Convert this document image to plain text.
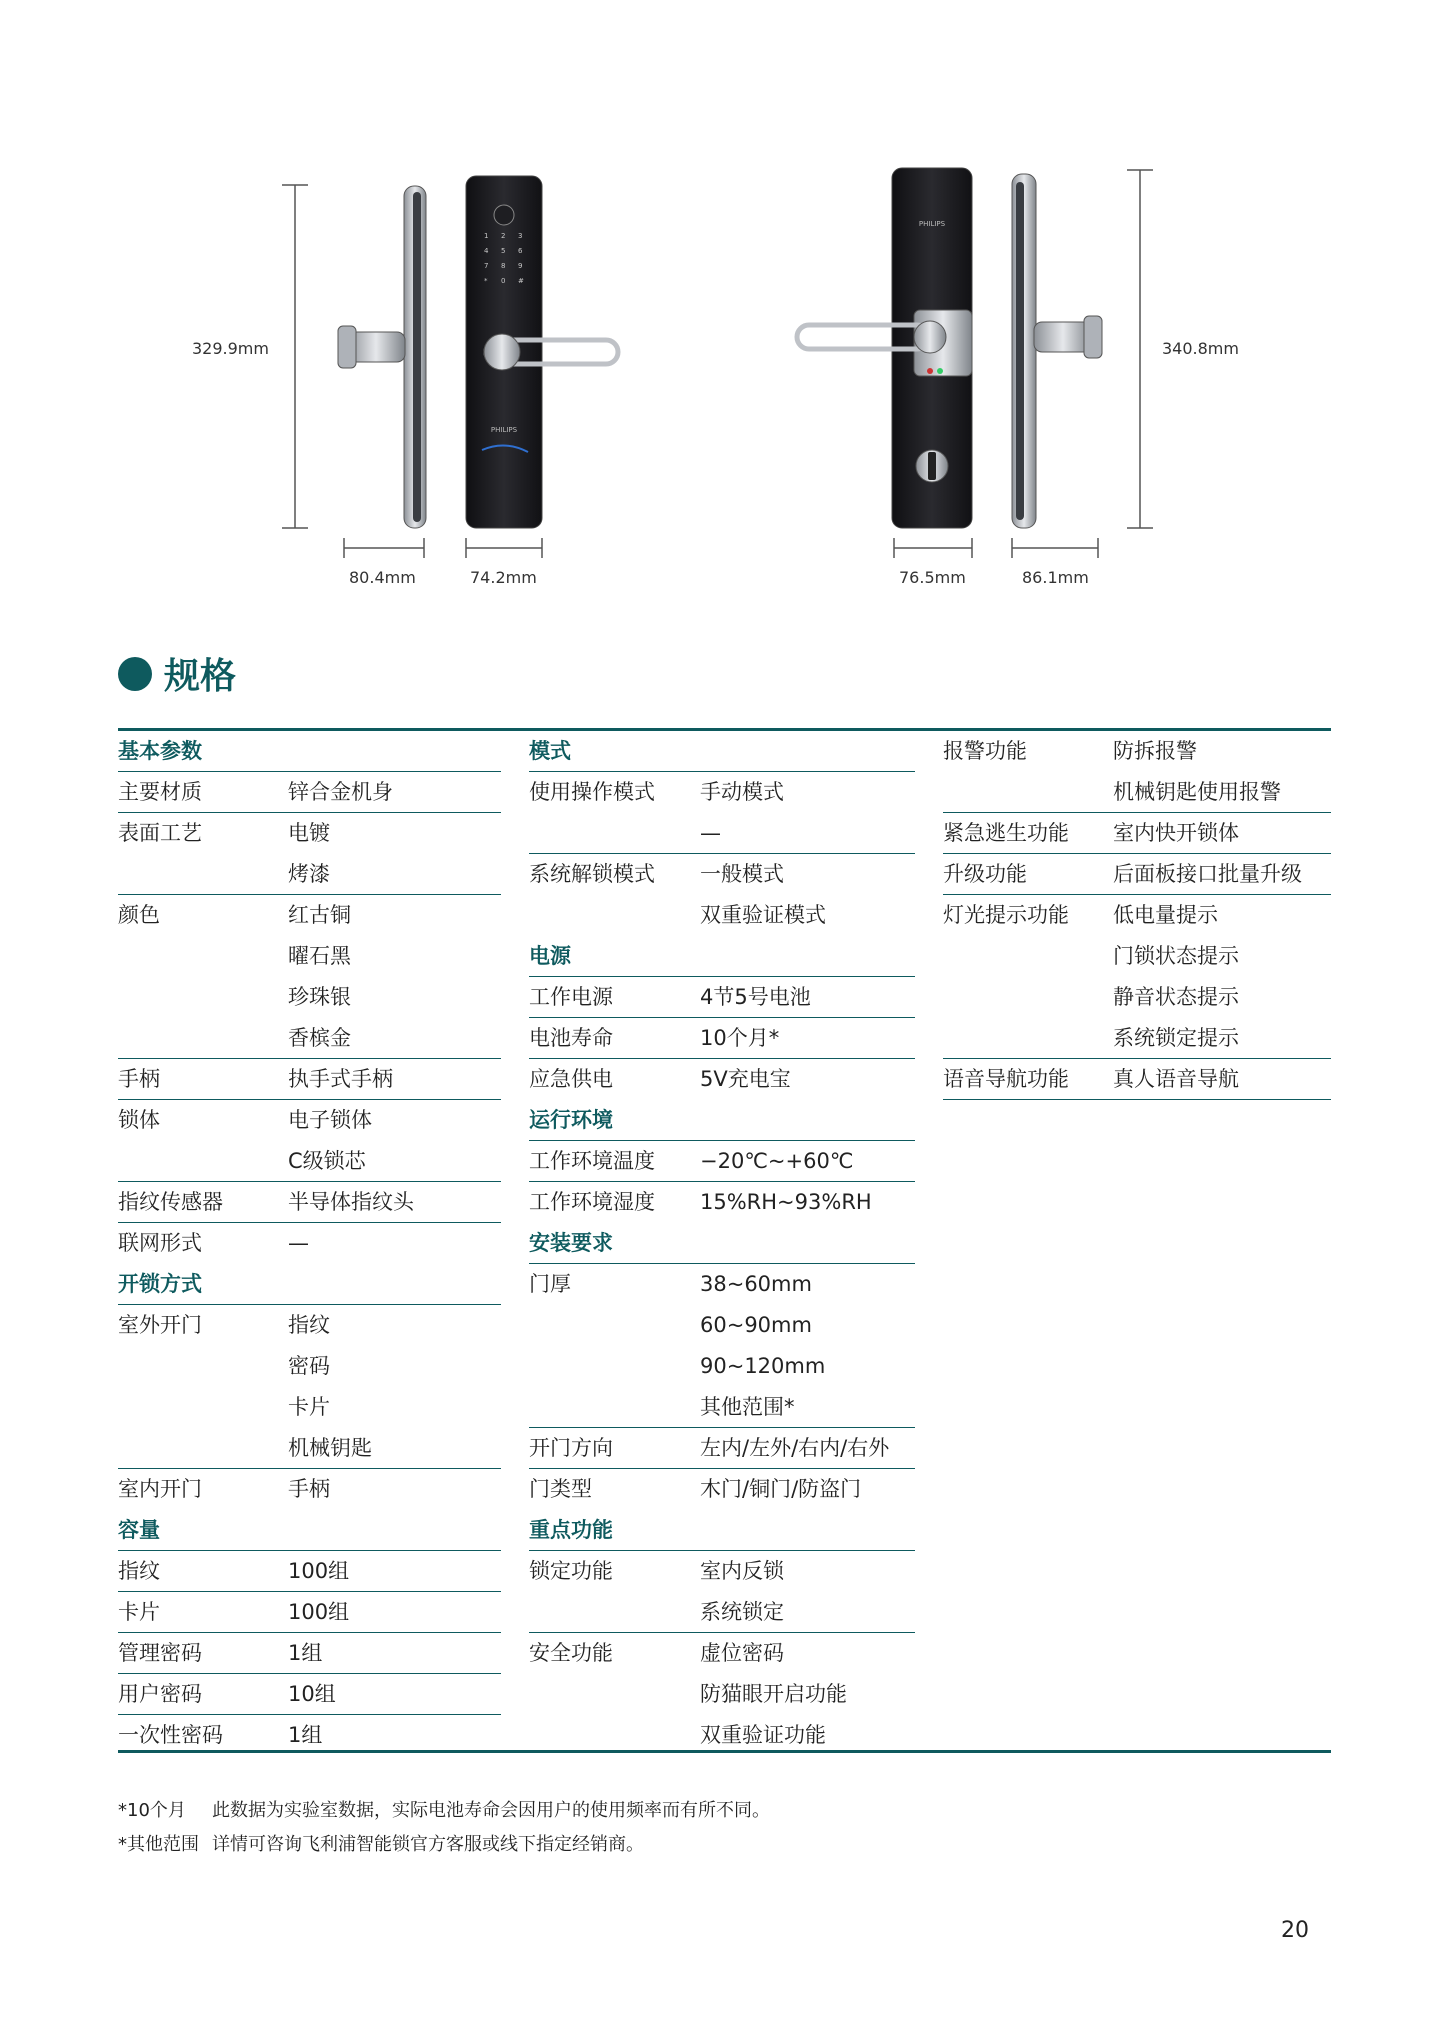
PHILIPS
PHILIPS
1 2 3
4 5 6
7 8 9
* 0 #
329.9mm	340.8mm
80.4mm	74.2mm	76.5mm	86.1mm
规格
基本参数
主要材质	锌合金机身
表面工艺	电镀
烤漆
颜色	红古铜
曜石黑
珍珠银
香槟金
手柄	执手式手柄
锁体	电子锁体
C级锁芯
指纹传感器	半导体指纹头
联网形式	—
开锁方式
室外开门	指纹
密码
卡片
机械钥匙
室内开门	手柄
容量
指纹	100组
卡片	100组
管理密码	1组
用户密码	10组
一次性密码	1组
模式
使用操作模式 手动模式
—
系统解锁模式 一般模式
双重验证模式
电源
工作电源	4节5号电池
电池寿命	10个月*
应急供电	5V充电宝
运行环境
工作环境温度 −20℃~+60℃
工作环境湿度 15%RH~93%RH
安装要求
门厚	38~60mm
60~90mm
90~120mm
其他范围*
开门方向	左内/左外/右内/右外
门类型	木门/铜门/防盗门
重点功能
锁定功能	室内反锁
系统锁定
安全功能	虚位密码
防猫眼开启功能
双重验证功能
报警功能	防拆报警
机械钥匙使用报警
紧急逃生功能 室内快开锁体
升级功能	后面板接口批量升级
灯光提示功能 低电量提示
门锁状态提示
静音状态提示
系统锁定提示
语音导航功能 真人语音导航
*10个月 此数据为实验室数据，实际电池寿命会因用户的使用频率而有所不同。
*其他范围 详情可咨询飞利浦智能锁官方客服或线下指定经销商。
20
